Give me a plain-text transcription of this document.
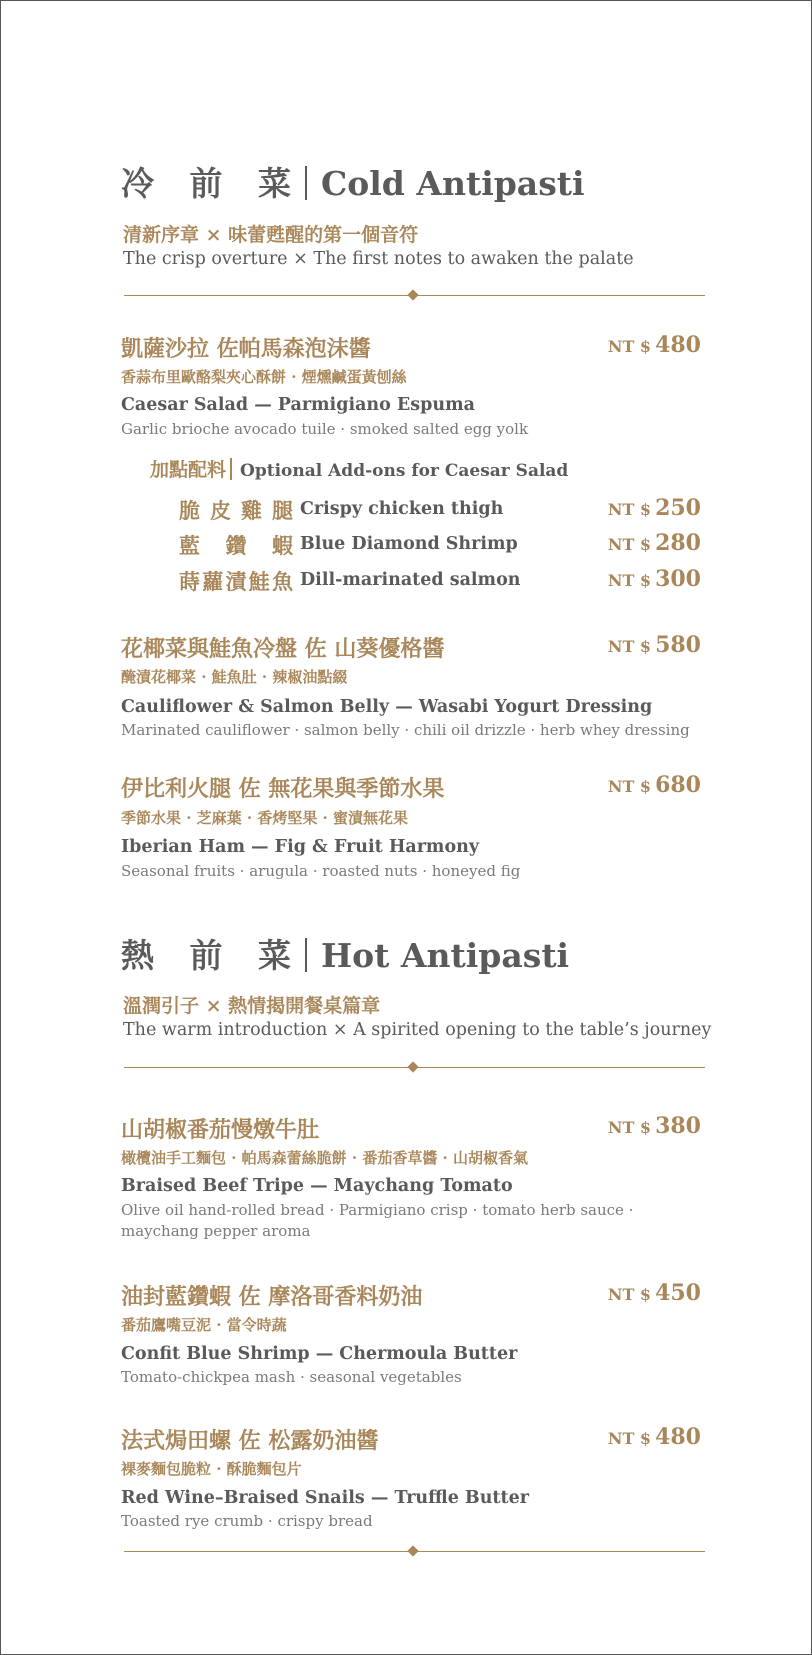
冷 前 菜 Cold Antipasti
清新序章 × 味蕾甦醒的第一個音符
The crisp overture × The first notes to awaken the palate
凱薩沙拉 佐帕馬森泡沫醬	NT $ 480
香蒜布里歐酪梨夾心酥餅 · 煙燻鹹蛋黃刨絲
Caesar Salad — Parmigiano Espuma
Garlic brioche avocado tuile · smoked salted egg yolk
加點配料 Optional Add-ons for Caesar Salad
脆皮雞腿 Crispy chicken thigh	NT $ 250
藍鑽蝦 Blue Diamond Shrimp	NT $ 280
蒔蘿漬鮭魚 Dill-marinated salmon	NT $ 300
花椰菜與鮭魚冷盤 佐 山葵優格醬	NT $ 580
醃漬花椰菜 · 鮭魚肚 · 辣椒油點綴
Cauliflower & Salmon Belly — Wasabi Yogurt Dressing
Marinated cauliflower · salmon belly · chili oil drizzle · herb whey dressing
伊比利火腿 佐 無花果與季節水果	NT $ 680
季節水果 · 芝麻葉 · 香烤堅果 · 蜜漬無花果
Iberian Ham — Fig & Fruit Harmony
Seasonal fruits · arugula · roasted nuts · honeyed fig
熱 前 菜 Hot Antipasti
溫潤引子 × 熱情揭開餐桌篇章
The warm introduction × A spirited opening to the table’s journey
山胡椒番茄慢燉牛肚	NT $ 380
橄欖油手工麵包 · 帕馬森蕾絲脆餅 · 番茄香草醬 · 山胡椒香氣
Braised Beef Tripe — Maychang Tomato
Olive oil hand-rolled bread · Parmigiano crisp · tomato herb sauce ·
maychang pepper aroma
油封藍鑽蝦 佐 摩洛哥香料奶油	NT $ 450
番茄鷹嘴豆泥 · 當令時蔬
Confit Blue Shrimp — Chermoula Butter
Tomato-chickpea mash · seasonal vegetables
法式焗田螺 佐 松露奶油醬	NT $ 480
裸麥麵包脆粒 · 酥脆麵包片
Red Wine–Braised Snails — Truffle Butter
Toasted rye crumb · crispy bread
